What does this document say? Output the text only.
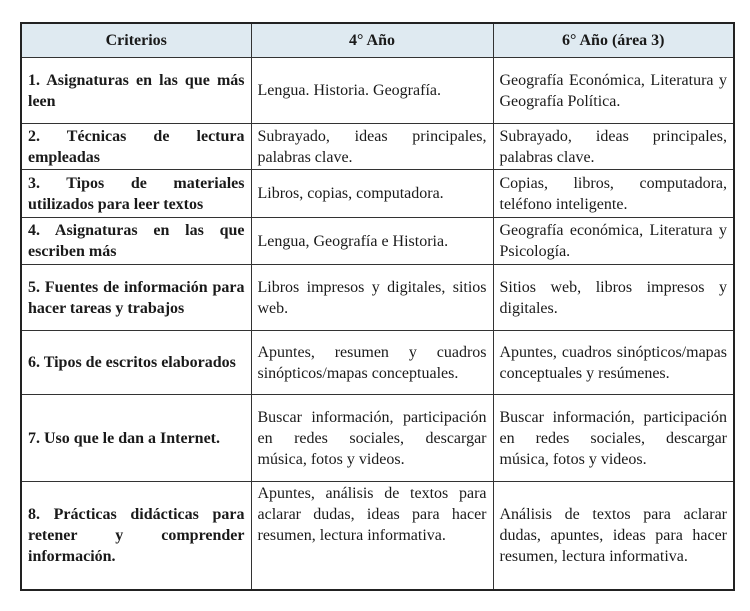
Criterios	4° Año	6° Año (área 3)
1. Asignaturas en las que más leen	Lengua. Historia. Geografía.	Geografía Económica, Literatura y Geografía Política.
2. Técnicas de lectura empleadas	Subrayado, ideas principales, palabras clave.	Subrayado, ideas principales, palabras clave.
3. Tipos de materiales utilizados para leer textos	Libros, copias, computadora.	Copias, libros, computadora, teléfono inteligente.
4. Asignaturas en las que escriben más	Lengua, Geografía e Historia.	Geografía económica, Literatura y Psicología.
5. Fuentes de información para hacer tareas y trabajos	Libros impresos y digitales, sitios web.	Sitios web, libros impresos y digitales.
6. Tipos de escritos elaborados	Apuntes, resumen y cuadros sinópticos/mapas conceptuales.	Apuntes, cuadros sinópticos/mapas conceptuales y resúmenes.
7. Uso que le dan a Internet.	Buscar información, participación en redes sociales, descargar música, fotos y videos.	Buscar información, participación en redes sociales, descargar música, fotos y videos.
8. Prácticas didácticas para retener y comprender información.	Apuntes, análisis de textos para aclarar dudas, ideas para hacer resumen, lectura informativa.	Análisis de textos para aclarar dudas, apuntes, ideas para hacer resumen, lectura informativa.
